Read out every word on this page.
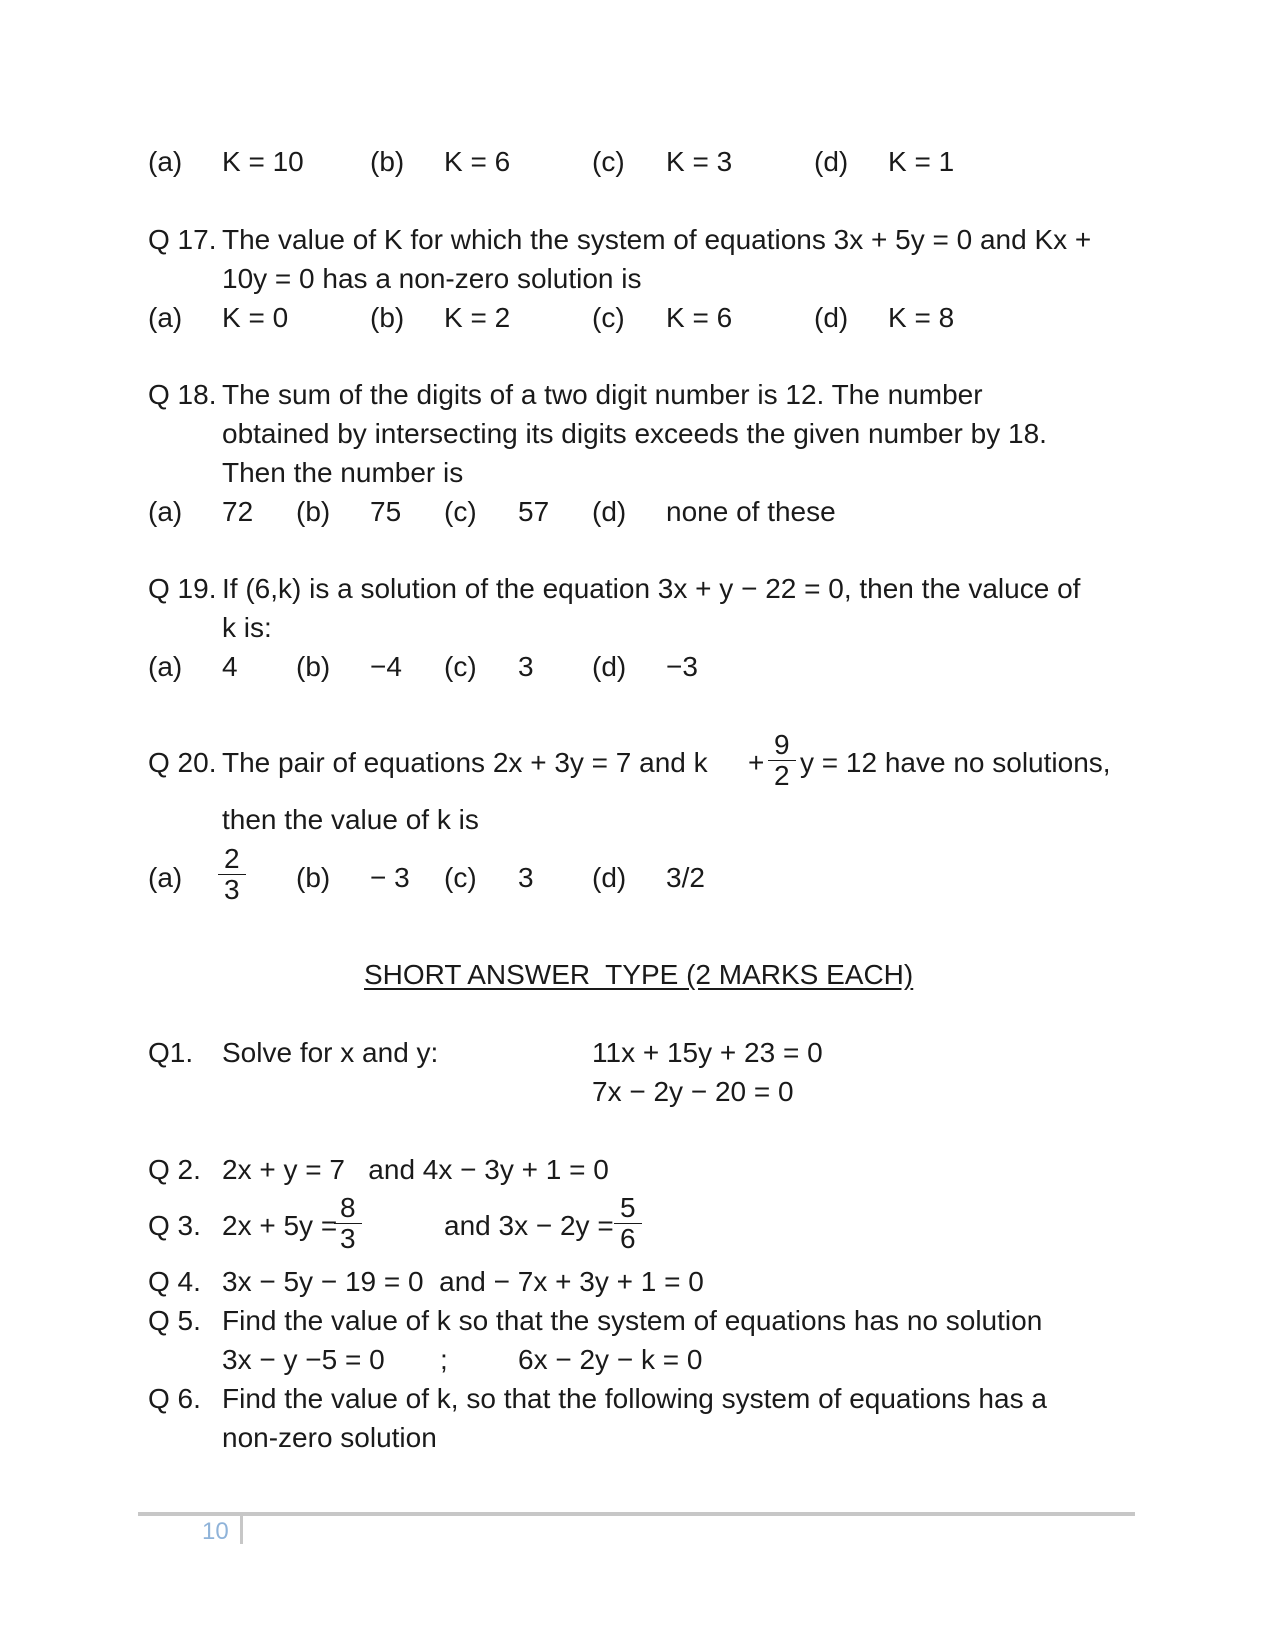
(a) K = 10 (b) K = 6	(c) K = 3	(d) K = 1
Q 17. The value of K for which the system of equations 3x + 5y = 0 and Kx +
10y = 0 has a non-zero solution is
(a) K = 0	(b) K = 2	(c) K = 6	(d) K = 8
Q 18. The sum of the digits of a two digit number is 12. The number
obtained by intersecting its digits exceeds the given number by 18.
Then the number is
(a) 72 (b) 75 (c) 57 (d) none of these
Q 19. If (6,k) is a solution of the equation 3x + y − 22 = 0, then the valuce of
k is:
(a) 4 (b) −4 (c) 3 (d) −3
Q 20. The pair of equations 2x + 3y = 7 and $k + \frac{9}{2}$ y = 12 have no solutions,
then the value of k is
$(a) \frac{2}{3} (b) - 3$ (c) 3 (d) 3/2
SHORT ANSWER  TYPE (2 MARKS EACH)
Q1. Solve for x and y:	11x + 15y + 23 = 0
7x − 2y − 20 = 0
Q 2. 2x + y = 7   and 4x − 3y + 1 = 0
Q 3. 2x + 5y =
$\frac{8}{3}$	and $3x - 2y = \frac{5}{6}$
Q 4. 3x − 5y − 19 = 0  and − 7x + 3y + 1 = 0
Q 5. Find the value of k so that the system of equations has no solution
3x − y −5 = 0 ;	6x − 2y − k = 0
Q 6. Find the value of k, so that the following system of equations has a
non-zero solution
10
